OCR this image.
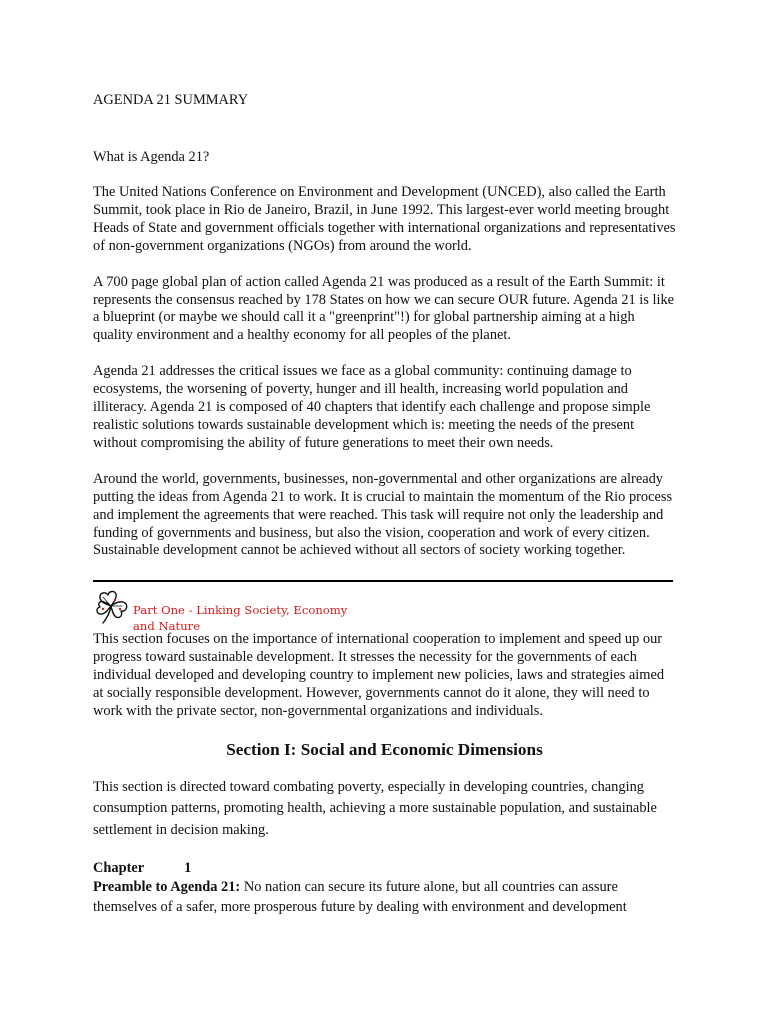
AGENDA 21 SUMMARY

What is Agenda 21?

The United Nations Conference on Environment and Development (UNCED), also called the Earth Summit, took place in Rio de Janeiro, Brazil, in June 1992. This largest-ever world meeting brought Heads of State and government officials together with international organizations and representatives of non-government organizations (NGOs) from around the world.

A 700 page global plan of action called Agenda 21 was produced as a result of the Earth Summit: it represents the consensus reached by 178 States on how we can secure OUR future. Agenda 21 is like a blueprint (or maybe we should call it a "greenprint"!) for global partnership aiming at a high quality environment and a healthy economy for all peoples of the planet.

Agenda 21 addresses the critical issues we face as a global community: continuing damage to ecosystems, the worsening of poverty, hunger and ill health, increasing world population and illiteracy. Agenda 21 is composed of 40 chapters that identify each challenge and propose simple realistic solutions towards sustainable development which is: meeting the needs of the present without compromising the ability of future generations to meet their own needs.

Around the world, governments, businesses, non-governmental and other organizations are already putting the ideas from Agenda 21 to work. It is crucial to maintain the momentum of the Rio process and implement the agreements that were reached. This task will require not only the leadership and funding of governments and business, but also the vision, cooperation and work of every citizen. Sustainable development cannot be achieved without all sectors of society working together.

Part One - Linking Society, Economy
and Nature

This section focuses on the importance of international cooperation to implement and speed up our progress toward sustainable development. It stresses the necessity for the governments of each individual developed and developing country to implement new policies, laws and strategies aimed at socially responsible development. However, governments cannot do it alone, they will need to work with the private sector, non-governmental organizations and individuals.

Section I: Social and Economic Dimensions

This section is directed toward combating poverty, especially in developing countries, changing consumption patterns, promoting health, achieving a more sustainable population, and sustainable settlement in decision making.

Chapter	1

Preamble to Agenda 21: No nation can secure its future alone, but all countries can assure themselves of a safer, more prosperous future by dealing with environment and development
